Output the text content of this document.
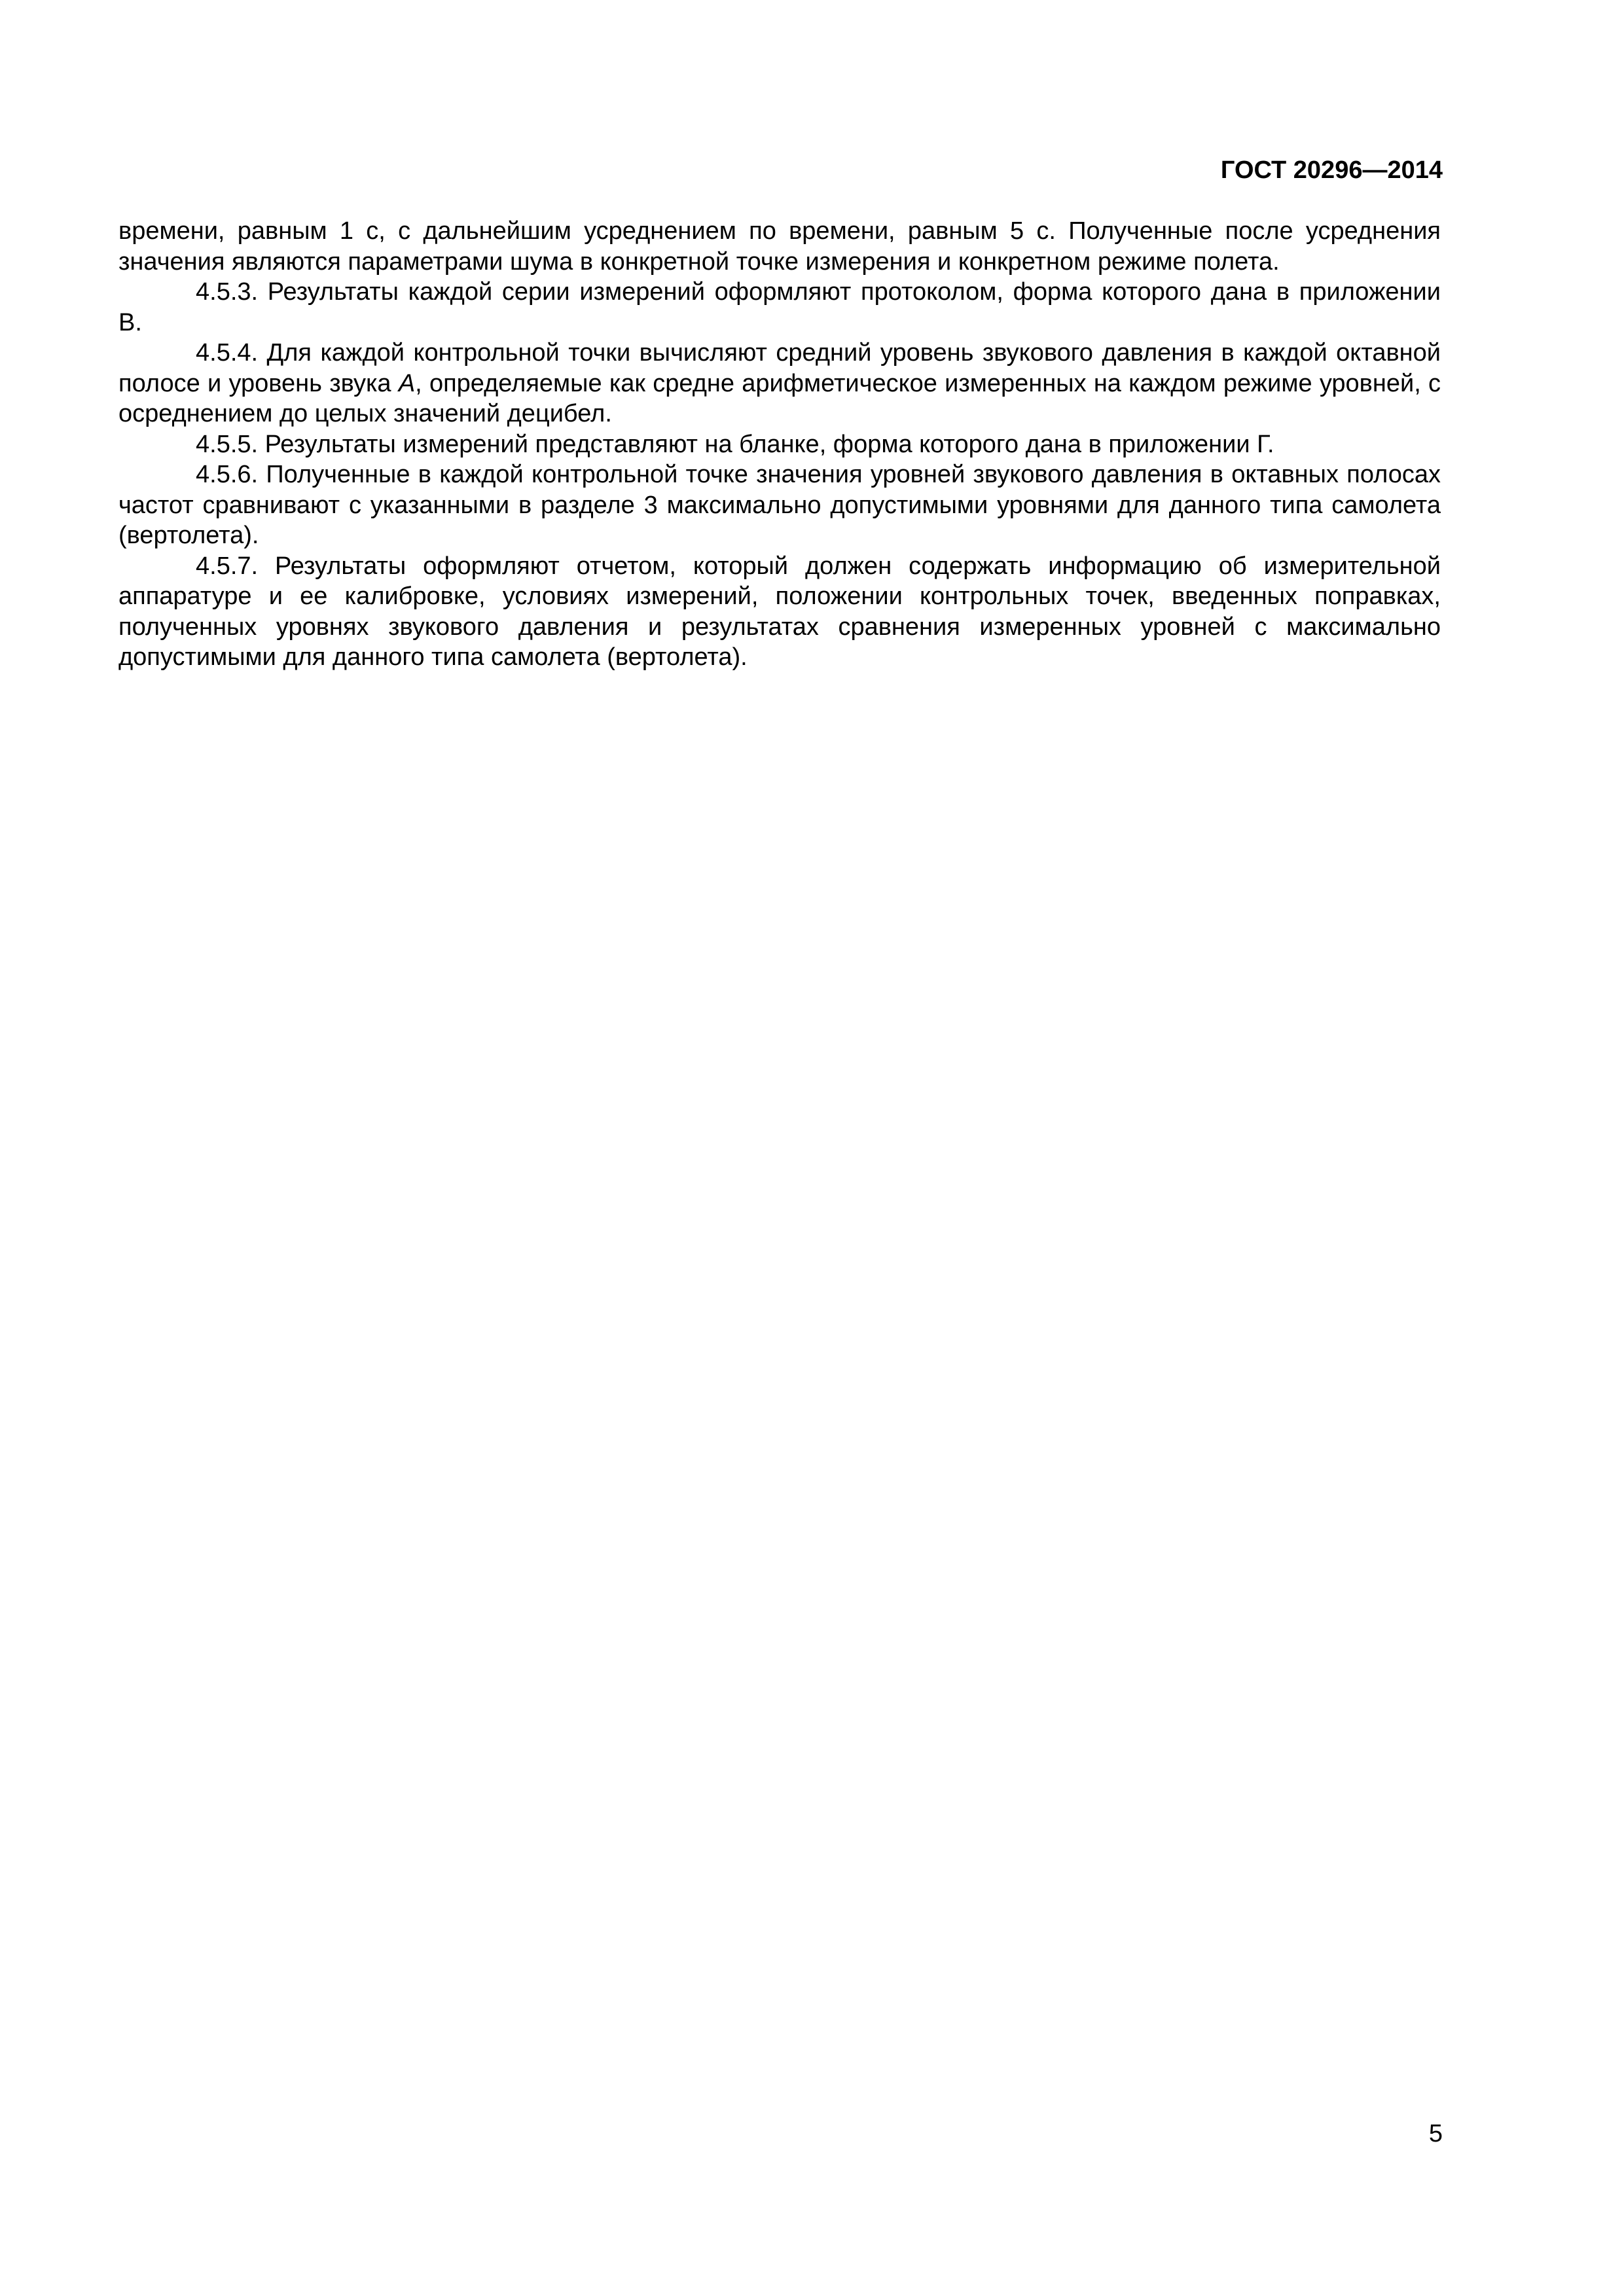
ГОСТ 20296—2014

времени, равным 1 с, с дальнейшим усреднением по времени, равным 5 с. Полученные после усреднения значения являются параметрами шума в конкретной точке измерения и конкретном режиме полета.

4.5.3. Результаты каждой серии измерений оформляют протоколом, форма которого дана в приложении В.

4.5.4. Для каждой контрольной точки вычисляют средний уровень звукового давления в каждой октавной полосе и уровень звука А, определяемые как средне арифметическое измеренных на каждом режиме уровней, с осреднением до целых значений децибел.

4.5.5. Результаты измерений представляют на бланке, форма которого дана в приложении Г.

4.5.6. Полученные в каждой контрольной точке значения уровней звукового давления в октавных полосах частот сравнивают с указанными в разделе 3 максимально допустимыми уровнями для данного типа самолета (вертолета).

4.5.7. Результаты оформляют отчетом, который должен содержать информацию об измерительной аппаратуре и ее калибровке, условиях измерений, положении контрольных точек, введенных поправках, полученных уровнях звукового давления и результатах сравнения измеренных уровней с максимально допустимыми для данного типа самолета (вертолета).

5
